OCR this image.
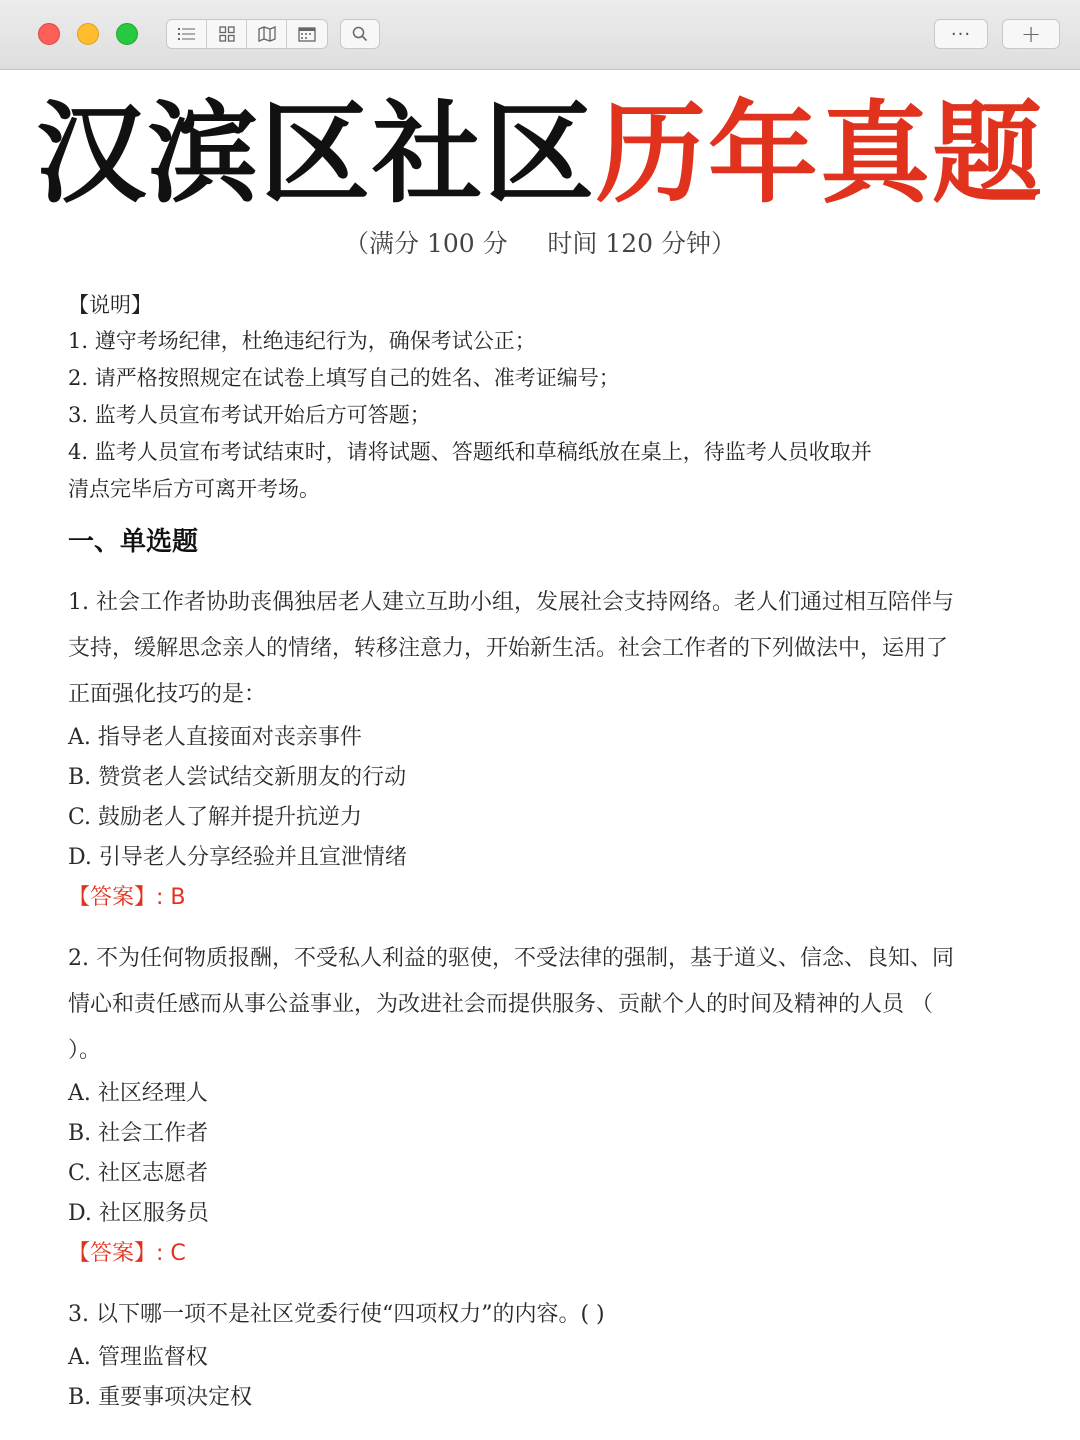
···	+
汉滨区社区历年真题
（满分 100 分     时间 120 分钟）
【说明】
1. 遵守考场纪律，杜绝违纪行为，确保考试公正；
2. 请严格按照规定在试卷上填写自己的姓名、准考证编号；
3. 监考人员宣布考试开始后方可答题；
4. 监考人员宣布考试结束时，请将试题、答题纸和草稿纸放在桌上，待监考人员收取并
清点完毕后方可离开考场。
一、单选题
1. 社会工作者协助丧偶独居老人建立互助小组，发展社会支持网络。老人们通过相互陪伴与支持，缓解思念亲人的情绪，转移注意力，开始新生活。社会工作者的下列做法中，运用了正面强化技巧的是：
A. 指导老人直接面对丧亲事件
B. 赞赏老人尝试结交新朋友的行动
C. 鼓励老人了解并提升抗逆力
D. 引导老人分享经验并且宣泄情绪
【答案】: B
2. 不为任何物质报酬，不受私人利益的驱使，不受法律的强制，基于道义、信念、良知、同情心和责任感而从事公益事业，为改进社会而提供服务、贡献个人的时间及精神的人员 （ ）。
A. 社区经理人
B. 社会工作者
C. 社区志愿者
D. 社区服务员
【答案】: C
3. 以下哪一项不是社区党委行使“四项权力”的内容。( )
A. 管理监督权
B. 重要事项决定权
